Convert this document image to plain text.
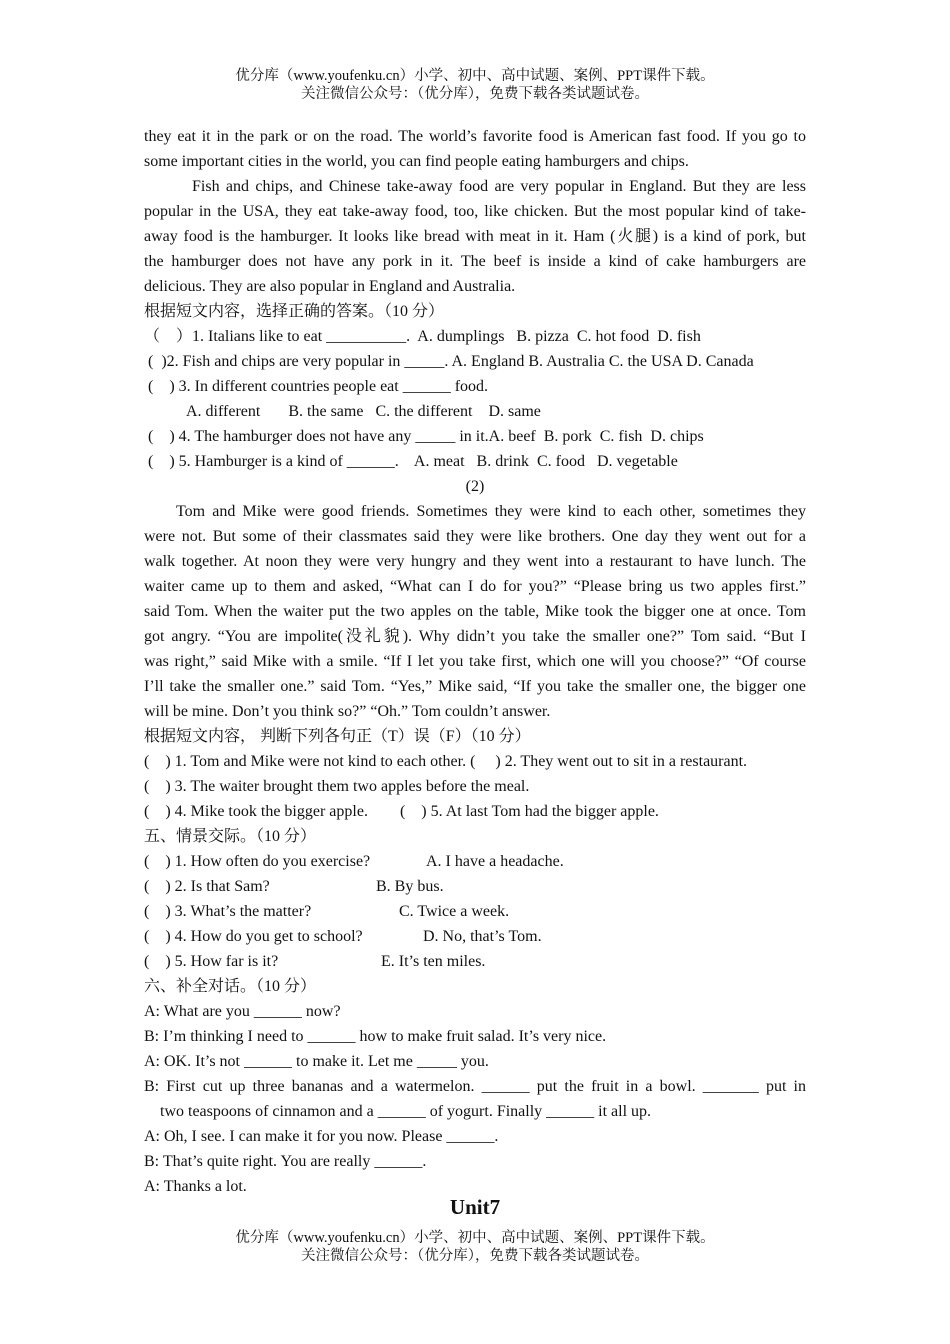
优分库（www.youfenku.cn）小学、初中、高中试题、案例、PPT课件下载。
关注微信公众号：（优分库），免费下载各类试题试卷。
they eat it in the park or on the road. The world’s favorite food is American fast food. If you go to
some important cities in the world, you can find people eating hamburgers and chips.
Fish and chips, and Chinese take-away food are very popular in England. But they are less
popular in the USA, they eat take-away food, too, like chicken. But the most popular kind of take-
away food is the hamburger. It looks like bread with meat in it. Ham (火腿) is a kind of pork, but
the hamburger does not have any pork in it. The beef is inside a kind of cake hamburgers are
delicious. They are also popular in England and Australia.
根据短文内容，选择正确的答案。（10 分）
（    ）1. Italians like to eat __________.  A. dumplings   B. pizza  C. hot food  D. fish
(  )2. Fish and chips are very popular in _____. A. England B. Australia C. the USA D. Canada
(    ) 3. In different countries people eat ______ food.
A. different       B. the same   C. the different    D. same
(    ) 4. The hamburger does not have any _____ in it.A. beef  B. pork  C. fish  D. chips
(    ) 5. Hamburger is a kind of ______.    A. meat   B. drink  C. food   D. vegetable
(2)
Tom and Mike were good friends. Sometimes they were kind to each other, sometimes they
were not. But some of their classmates said they were like brothers. One day they went out for a
walk together. At noon they were very hungry and they went into a restaurant to have lunch. The
waiter came up to them and asked, “What can I do for you?” “Please bring us two apples first.”
said Tom. When the waiter put the two apples on the table, Mike took the bigger one at once. Tom
got angry. “You are impolite(没礼貌). Why didn’t you take the smaller one?” Tom said. “But I
was right,” said Mike with a smile. “If I let you take first, which one will you choose?” “Of course
I’ll take the smaller one.” said Tom. “Yes,” Mike said, “If you take the smaller one, the bigger one
will be mine. Don’t you think so?” “Oh.” Tom couldn’t answer.
根据短文内容， 判断下列各句正（T）误（F）（10 分）
(    ) 1. Tom and Mike were not kind to each other. (     ) 2. They went out to sit in a restaurant.
(    ) 3. The waiter brought them two apples before the meal.
(    ) 4. Mike took the bigger apple.        (    ) 5. At last Tom had the bigger apple.
五、情景交际。（10 分）
(    ) 1. How often do you exercise?	A. I have a headache.
(    ) 2. Is that Sam?	B. By bus.
(    ) 3. What’s the matter?	C. Twice a week.
(    ) 4. How do you get to school?	D. No, that’s Tom.
(    ) 5. How far is it?	E. It’s ten miles.
六、补全对话。（10 分）
A: What are you ______ now?
B: I’m thinking I need to ______ how to make fruit salad. It’s very nice.
A: OK. It’s not ______ to make it. Let me _____ you.
B: First cut up three bananas and a watermelon. ______ put the fruit in a bowl. _______ put in
two teaspoons of cinnamon and a ______ of yogurt. Finally ______ it all up.
A: Oh, I see. I can make it for you now. Please ______.
B: That’s quite right. You are really ______.
A: Thanks a lot.
Unit7
优分库（www.youfenku.cn）小学、初中、高中试题、案例、PPT课件下载。
关注微信公众号：（优分库），免费下载各类试题试卷。
